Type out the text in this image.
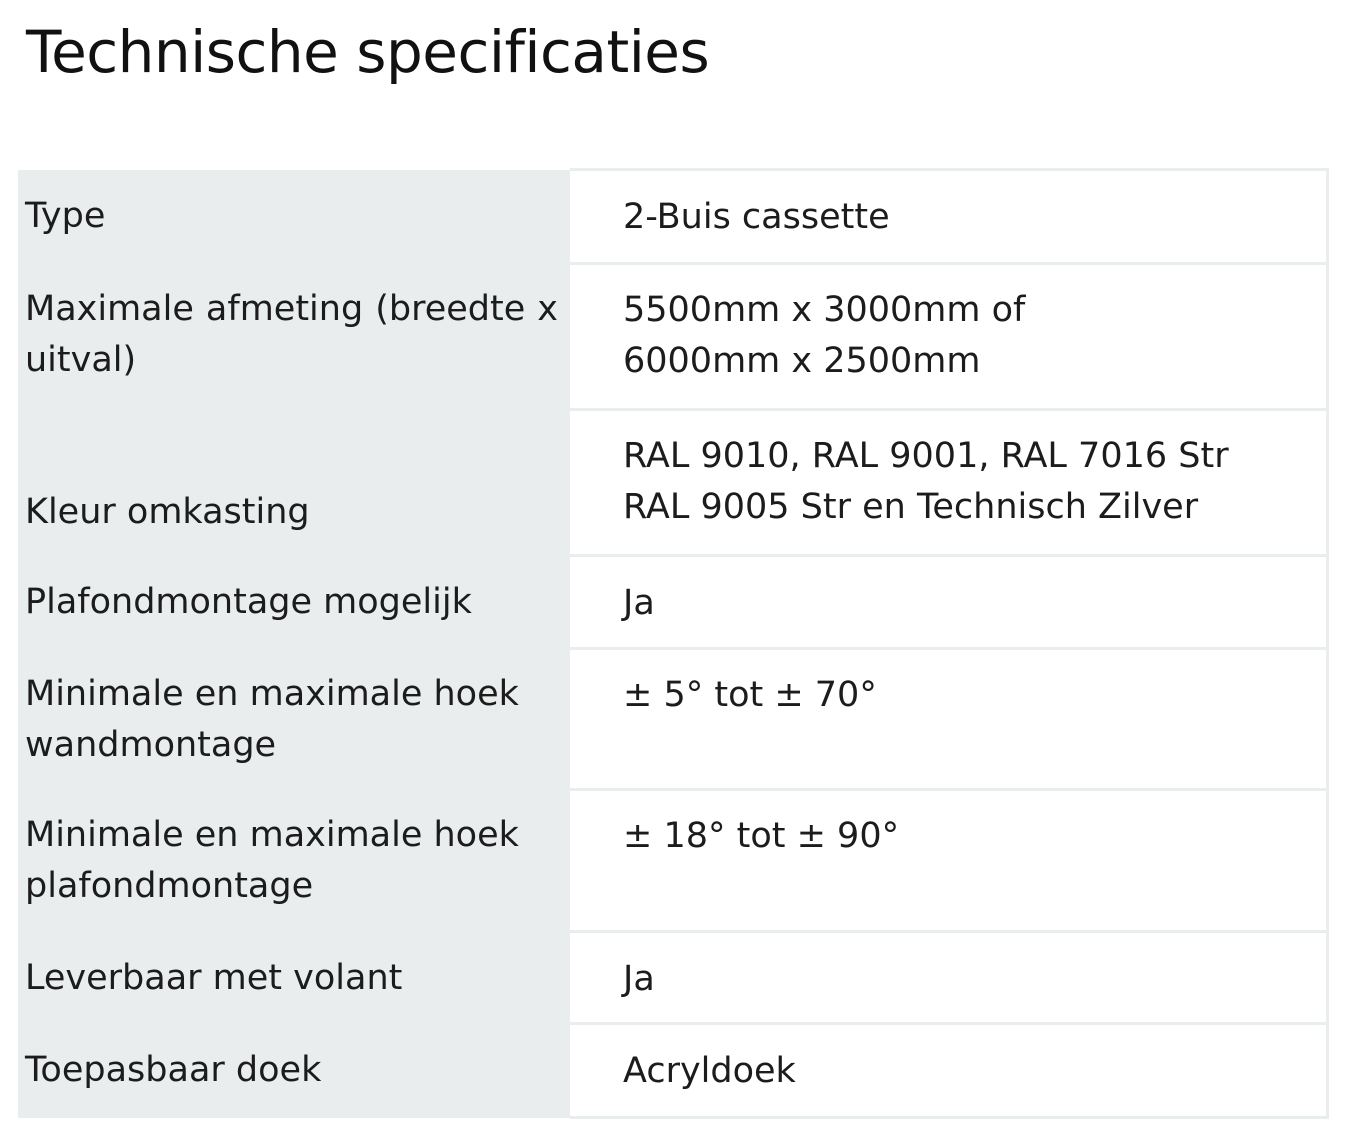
Technische specificaties
Type	2-Buis cassette

Maximale afmeting (breedte x uitval)	5500mm x 3000mm of
6000mm x 2500mm

Kleur omkasting	RAL 9010, RAL 9001, RAL 7016 Str
RAL 9005 Str en Technisch Zilver

Plafondmontage mogelijk	Ja

Minimale en maximale hoek wandmontage	± 5° tot ± 70°

Minimale en maximale hoek plafondmontage	± 18° tot ± 90°

Leverbaar met volant	Ja

Toepasbaar doek	Acryldoek
